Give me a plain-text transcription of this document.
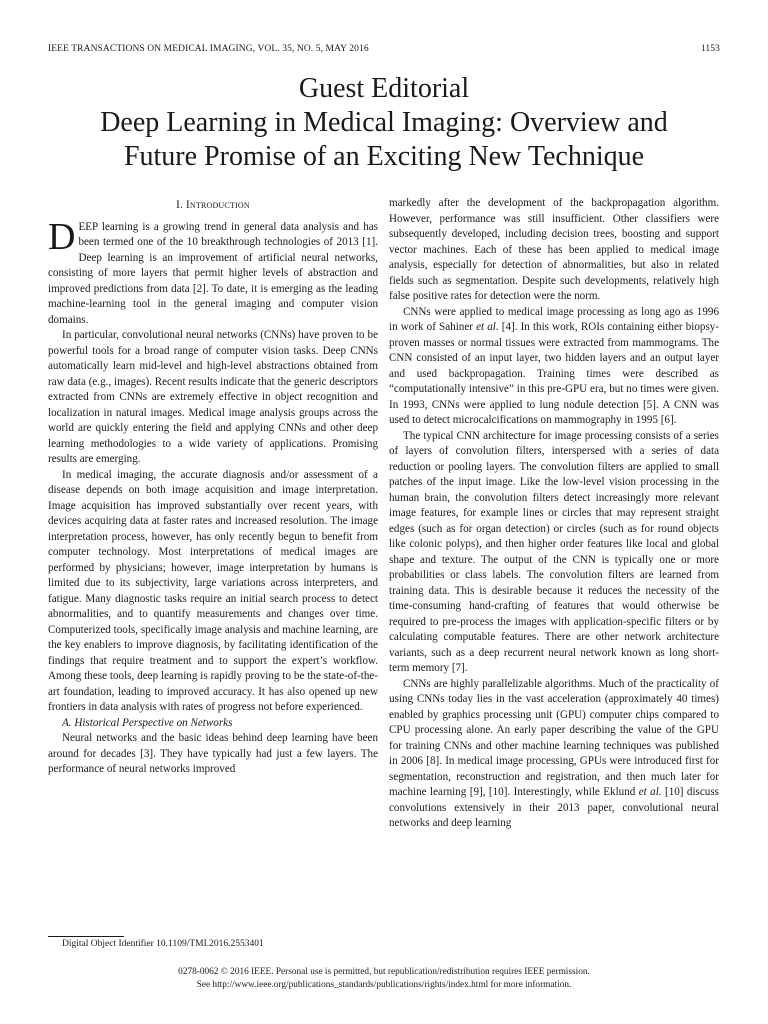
IEEE TRANSACTIONS ON MEDICAL IMAGING, VOL. 35, NO. 5, MAY 2016	1153
Guest Editorial
Deep Learning in Medical Imaging: Overview and
Future Promise of an Exciting New Technique
I. Introduction

DEEP learning is a growing trend in general data analysis and has been termed one of the 10 breakthrough technologies of 2013 [1]. Deep learning is an improvement of artificial neural networks, consisting of more layers that permit higher levels of abstraction and improved predictions from data [2]. To date, it is emerging as the leading machine-learning tool in the general imaging and computer vision domains.

In particular, convolutional neural networks (CNNs) have proven to be powerful tools for a broad range of computer vision tasks. Deep CNNs automatically learn mid-level and high-level abstractions obtained from raw data (e.g., images). Recent results indicate that the generic descriptors extracted from CNNs are extremely effective in object recognition and localization in natural images. Medical image analysis groups across the world are quickly entering the field and applying CNNs and other deep learning methodologies to a wide variety of applications. Promising results are emerging.

In medical imaging, the accurate diagnosis and/or assessment of a disease depends on both image acquisition and image interpretation. Image acquisition has improved substantially over recent years, with devices acquiring data at faster rates and increased resolution. The image interpretation process, however, has only recently begun to benefit from computer technology. Most interpretations of medical images are performed by physicians; however, image interpretation by humans is limited due to its subjectivity, large variations across interpreters, and fatigue. Many diagnostic tasks require an initial search process to detect abnormalities, and to quantify measurements and changes over time. Computerized tools, specifically image analysis and machine learning, are the key enablers to improve diagnosis, by facilitating identification of the findings that require treatment and to support the expert’s workflow. Among these tools, deep learning is rapidly proving to be the state-of-the-art foundation, leading to improved accuracy. It has also opened up new frontiers in data analysis with rates of progress not before experienced.

A. Historical Perspective on Networks

Neural networks and the basic ideas behind deep learning have been around for decades [3]. They have typically had just a few layers. The performance of neural networks improved

markedly after the development of the backpropagation algorithm. However, performance was still insufficient. Other classifiers were subsequently developed, including decision trees, boosting and support vector machines. Each of these has been applied to medical image analysis, especially for detection of abnormalities, but also in related fields such as segmentation. Despite such developments, relatively high false positive rates for detection were the norm.

CNNs were applied to medical image processing as long ago as 1996 in work of Sahiner et al. [4]. In this work, ROIs containing either biopsy-proven masses or normal tissues were extracted from mammograms. The CNN consisted of an input layer, two hidden layers and an output layer and used backpropagation. Training times were described as “computationally intensive” in this pre-GPU era, but no times were given. In 1993, CNNs were applied to lung nodule detection [5]. A CNN was used to detect microcalcifications on mammography in 1995 [6].

The typical CNN architecture for image processing consists of a series of layers of convolution filters, interspersed with a series of data reduction or pooling layers. The convolution filters are applied to small patches of the input image. Like the low-level vision processing in the human brain, the convolution filters detect increasingly more relevant image features, for example lines or circles that may represent straight edges (such as for organ detection) or circles (such as for round objects like colonic polyps), and then higher order features like local and global shape and texture. The output of the CNN is typically one or more probabilities or class labels. The convolution filters are learned from training data. This is desirable because it reduces the necessity of the time-consuming hand-crafting of features that would otherwise be required to pre-process the images with application-specific filters or by calculating computable features. There are other network architecture variants, such as a deep recurrent neural network known as long short-term memory [7].

CNNs are highly parallelizable algorithms. Much of the practicality of using CNNs today lies in the vast acceleration (approximately 40 times) enabled by graphics processing unit (GPU) computer chips compared to CPU processing alone. An early paper describing the value of the GPU for training CNNs and other machine learning techniques was published in 2006 [8]. In medical image processing, GPUs were introduced first for segmentation, reconstruction and registration, and then much later for machine learning [9], [10]. Interestingly, while Eklund et al. [10] discuss convolutions extensively in their 2013 paper, convolutional neural networks and deep learning

Digital Object Identifier 10.1109/TMI.2016.2553401
0278-0062 © 2016 IEEE. Personal use is permitted, but republication/redistribution requires IEEE permission.
See http://www.ieee.org/publications_standards/publications/rights/index.html for more information.
